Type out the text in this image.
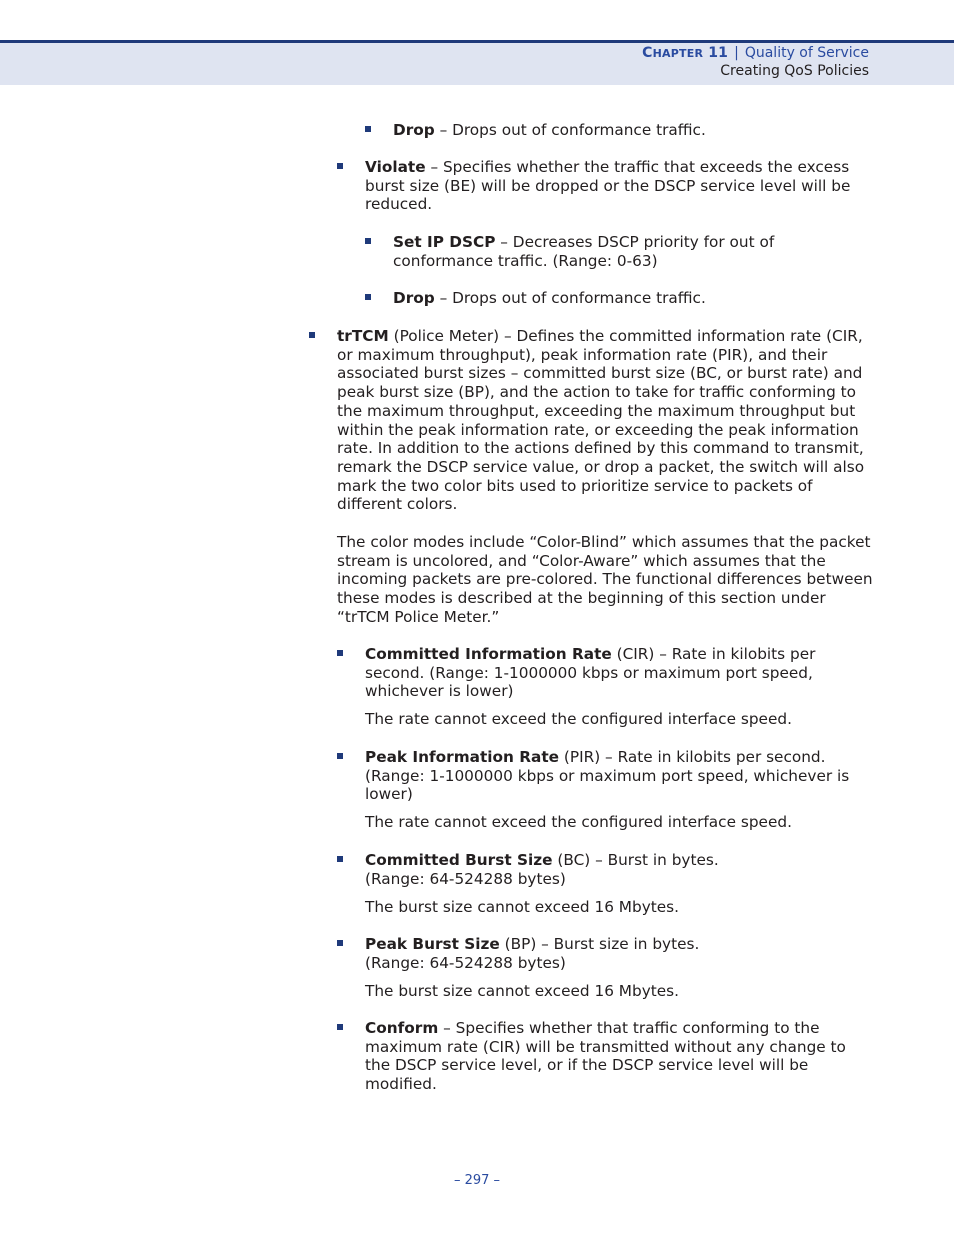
CHAPTER 11 | Quality of Service
Creating QoS Policies

Drop – Drops out of conformance traffic.

Violate – Specifies whether the traffic that exceeds the excess burst size (BE) will be dropped or the DSCP service level will be reduced.

Set IP DSCP – Decreases DSCP priority for out of conformance traffic. (Range: 0-63)

Drop – Drops out of conformance traffic.

trTCM (Police Meter) – Defines the committed information rate (CIR, or maximum throughput), peak information rate (PIR), and their associated burst sizes – committed burst size (BC, or burst rate) and peak burst size (BP), and the action to take for traffic conforming to the maximum throughput, exceeding the maximum throughput but within the peak information rate, or exceeding the peak information rate. In addition to the actions defined by this command to transmit, remark the DSCP service value, or drop a packet, the switch will also mark the two color bits used to prioritize service to packets of different colors.

The color modes include “Color-Blind” which assumes that the packet stream is uncolored, and “Color-Aware” which assumes that the incoming packets are pre-colored. The functional differences between these modes is described at the beginning of this section under “trTCM Police Meter.”

Committed Information Rate (CIR) – Rate in kilobits per second. (Range: 1-1000000 kbps or maximum port speed, whichever is lower)

The rate cannot exceed the configured interface speed.

Peak Information Rate (PIR) – Rate in kilobits per second. (Range: 1-1000000 kbps or maximum port speed, whichever is lower)

The rate cannot exceed the configured interface speed.

Committed Burst Size (BC) – Burst in bytes.

(Range: 64-524288 bytes)

The burst size cannot exceed 16 Mbytes.

Peak Burst Size (BP) – Burst size in bytes.

(Range: 64-524288 bytes)

The burst size cannot exceed 16 Mbytes.

Conform – Specifies whether that traffic conforming to the maximum rate (CIR) will be transmitted without any change to the DSCP service level, or if the DSCP service level will be modified.

– 297 –
